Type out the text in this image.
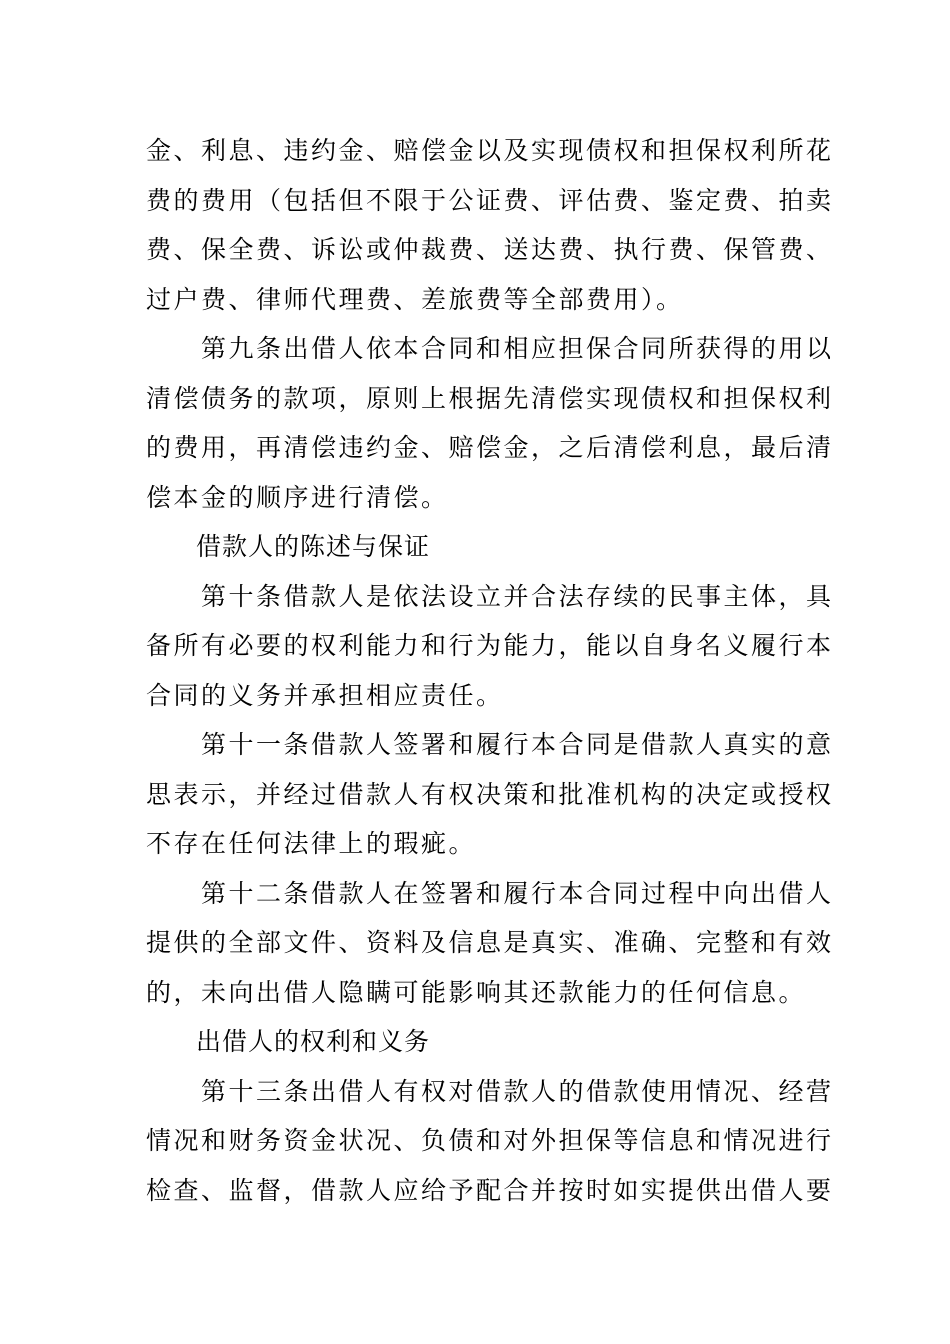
金、利息、违约金、赔偿金以及实现债权和担保权利所花
费的费用（包括但不限于公证费、评估费、鉴定费、拍卖
费、保全费、诉讼或仲裁费、送达费、执行费、保管费、
过户费、律师代理费、差旅费等全部费用）。
第九条出借人依本合同和相应担保合同所获得的用以
清偿债务的款项，原则上根据先清偿实现债权和担保权利
的费用，再清偿违约金、赔偿金，之后清偿利息，最后清
偿本金的顺序进行清偿。
借款人的陈述与保证
第十条借款人是依法设立并合法存续的民事主体，具
备所有必要的权利能力和行为能力，能以自身名义履行本
合同的义务并承担相应责任。
第十一条借款人签署和履行本合同是借款人真实的意
思表示，并经过借款人有权决策和批准机构的决定或授权
不存在任何法律上的瑕疵。
第十二条借款人在签署和履行本合同过程中向出借人
提供的全部文件、资料及信息是真实、准确、完整和有效
的，未向出借人隐瞒可能影响其还款能力的任何信息。
出借人的权利和义务
第十三条出借人有权对借款人的借款使用情况、经营
情况和财务资金状况、负债和对外担保等信息和情况进行
检查、监督，借款人应给予配合并按时如实提供出借人要
